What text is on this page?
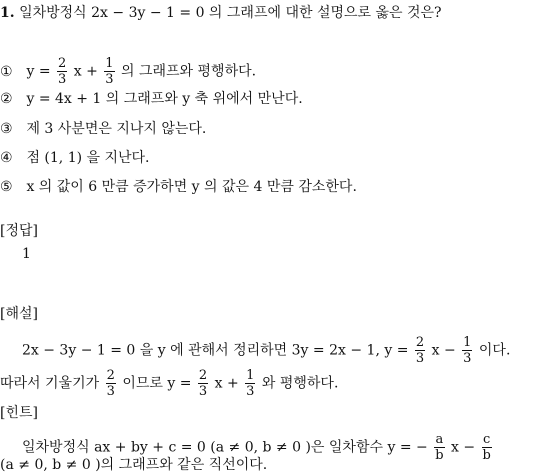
1. 일차방정식 2x − 3y − 1 = 0 의 그래프에 대한 설명으로 옳은 것은?
① $y = \frac{2}{3}$ $x + \frac{1}{3}$ 의 그래프와 평행하다.
② y = 4x + 1 의 그래프와 y 축 위에서 만난다.
③ 제 3 사분면은 지나지 않는다.
④ 점 (1, 1) 을 지난다.
⑤ x 의 값이 6 만큼 증가하면 y 의 값은 4 만큼 감소한다.
[정답]
1
[해설]
2x − 3y − 1 = 0 을 y 에 관해서 정리하면 3y = 2x − 1, $y = \frac{2}{3}$ $x - \frac{1}{3}$ 이다.
따라서 기울기가 $\frac{2}{3}$ 이므로 $y = \frac{2}{3}$ $x + \frac{1}{3}$ 와 평행하다.
[힌트]
일차방정식 ax + by + c = 0 (a ≠ 0, b ≠ 0 )은 일차함수 y = − $\frac{a}{b}$ $x - \frac{c}{b}$
(a ≠ 0, b ≠ 0 )의 그래프와 같은 직선이다.
